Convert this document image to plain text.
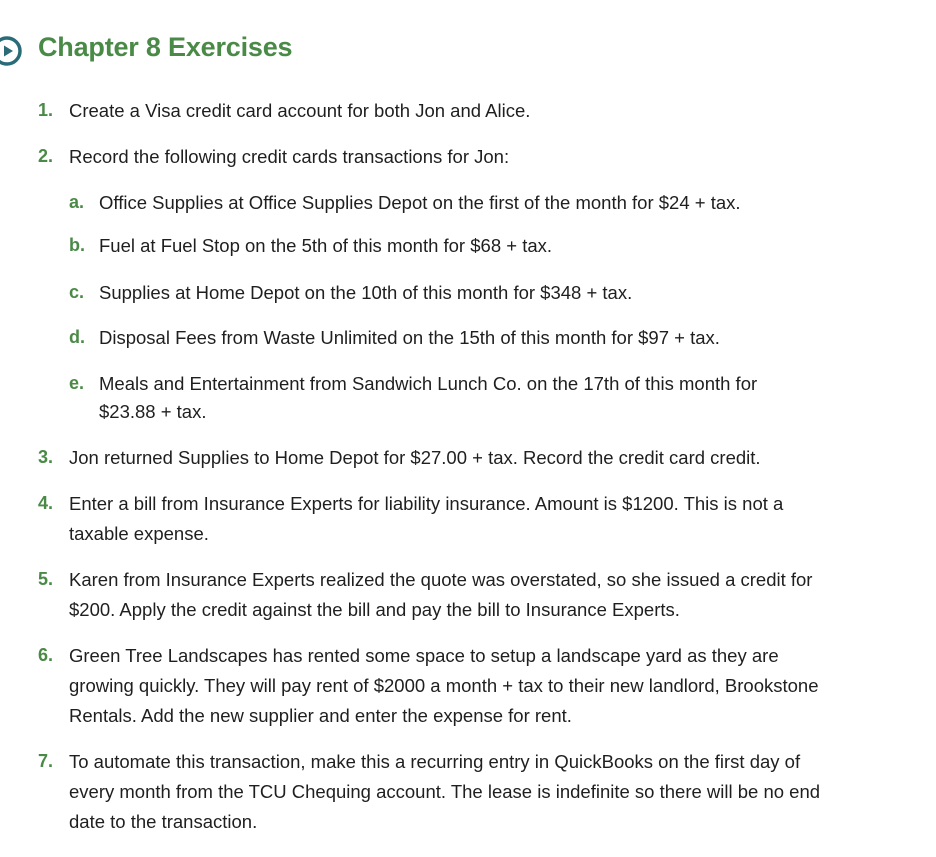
Chapter 8 Exercises
1. Create a Visa credit card account for both Jon and Alice.
2. Record the following credit cards transactions for Jon:
a. Office Supplies at Office Supplies Depot on the first of the month for $24 + tax.
b. Fuel at Fuel Stop on the 5th of this month for $68 + tax.
c. Supplies at Home Depot on the 10th of this month for $348 + tax.
d. Disposal Fees from Waste Unlimited on the 15th of this month for $97 + tax.
e. Meals and Entertainment from Sandwich Lunch Co. on the 17th of this month for
$23.88 + tax.
3. Jon returned Supplies to Home Depot for $27.00 + tax. Record the credit card credit.
4. Enter a bill from Insurance Experts for liability insurance. Amount is $1200. This is not a
taxable expense.
5. Karen from Insurance Experts realized the quote was overstated, so she issued a credit for
$200. Apply the credit against the bill and pay the bill to Insurance Experts.
6. Green Tree Landscapes has rented some space to setup a landscape yard as they are
growing quickly. They will pay rent of $2000 a month + tax to their new landlord, Brookstone
Rentals. Add the new supplier and enter the expense for rent.
7. To automate this transaction, make this a recurring entry in QuickBooks on the first day of
every month from the TCU Chequing account. The lease is indefinite so there will be no end
date to the transaction.
